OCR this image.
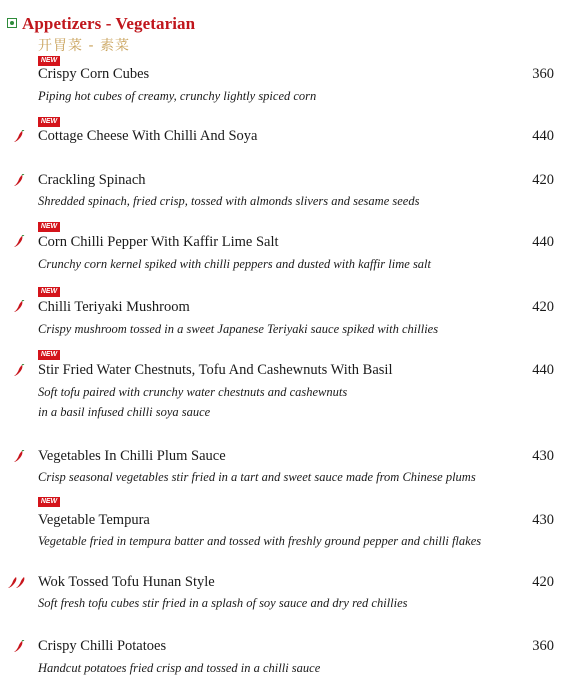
Appetizers - Vegetarian
开胃菜 - 素菜
NEW
Crispy Corn Cubes	360
Piping hot cubes of creamy, crunchy lightly spiced corn
NEW
Cottage Cheese With Chilli And Soya	440
Crackling Spinach	420
Shredded spinach, fried crisp, tossed with almonds slivers and sesame seeds
NEW
Corn Chilli Pepper With Kaffir Lime Salt	440
Crunchy corn kernel spiked with chilli peppers and dusted with kaffir lime salt
NEW
Chilli Teriyaki Mushroom	420
Crispy mushroom tossed in a sweet Japanese Teriyaki sauce spiked with chillies
NEW
Stir Fried Water Chestnuts, Tofu And Cashewnuts With Basil	440
Soft tofu paired with crunchy water chestnuts and cashewnuts
in a basil infused chilli soya sauce
Vegetables In Chilli Plum Sauce	430
Crisp seasonal vegetables stir fried in a tart and sweet sauce made from Chinese plums
NEW
Vegetable Tempura	430
Vegetable fried in tempura batter and tossed with freshly ground pepper and chilli flakes
Wok Tossed Tofu Hunan Style	420
Soft fresh tofu cubes stir fried in a splash of soy sauce and dry red chillies
Crispy Chilli Potatoes	360
Handcut potatoes fried crisp and tossed in a chilli sauce
